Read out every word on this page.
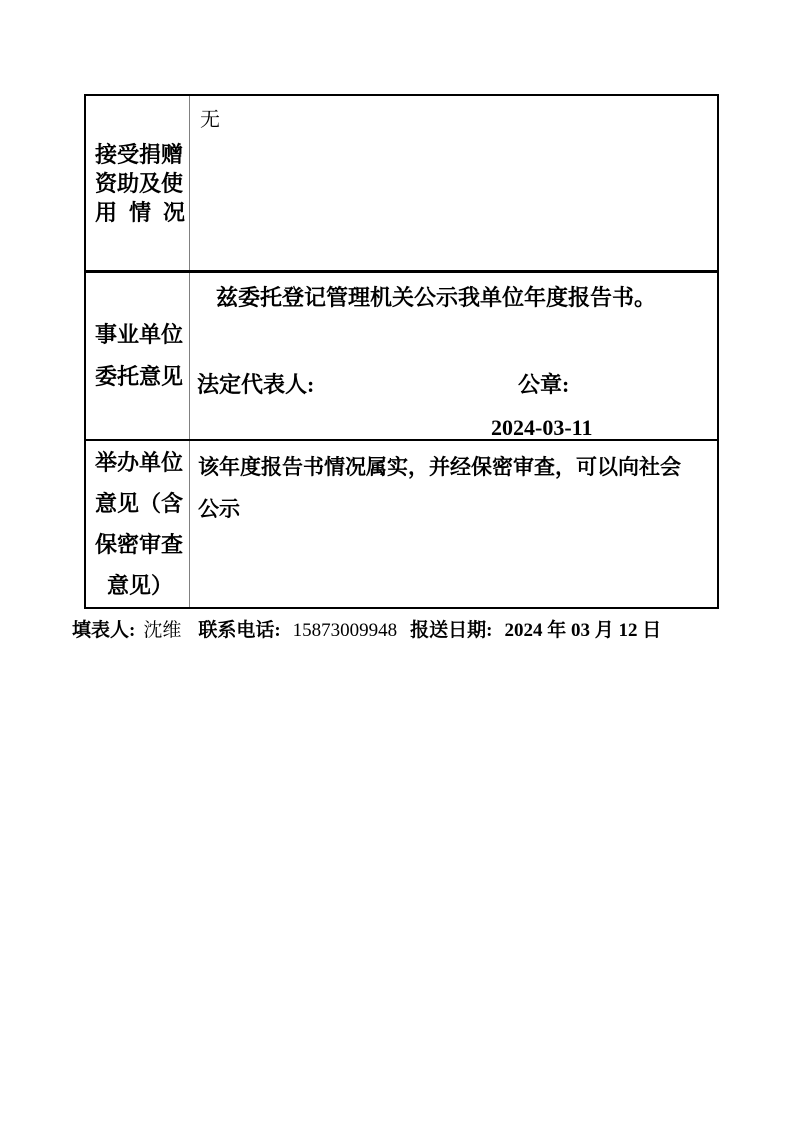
接受捐赠
资助及使
用情况
无
事业单位
委托意见
兹委托登记管理机关公示我单位年度报告书。
法定代表人:	公章:
2024-03-11
举办单位
意见（含
保密审查
意见）
该年度报告书情况属实，并经保密审查，可以向社会公示
填表人: 沈维 联系电话: 15873009948 报送日期: 2024 年 03 月 12 日
